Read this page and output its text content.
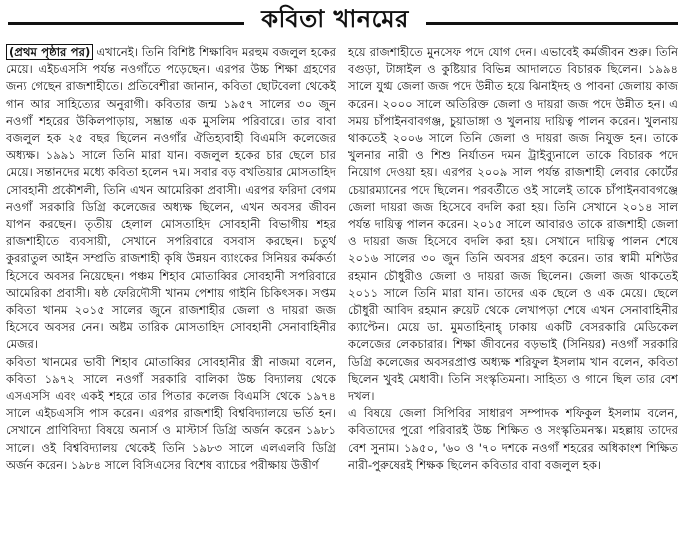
কবিতা খানমের

(প্রথম পৃষ্ঠার পর) এখানেই। তিনি বিশিষ্ট শিক্ষাবিদ মরহুম বজলুল হকের মেয়ে। এইচএসসি পর্যন্ত নওগাঁতে পড়েছেন। এরপর উচ্চ শিক্ষা গ্রহণের জন্য গেছেন রাজশাহীতে। প্রতিবেশীরা জানান, কবিতা ছোটবেলা থেকেই গান আর সাহিত্যের অনুরাগী। কবিতার জন্ম ১৯৫৭ সালের ৩০ জুন নওগাঁ শহরের উকিলপাড়ায়, সম্ভ্রান্ত এক মুসলিম পরিবারে। তার বাবা বজলুল হক ২৫ বছর ছিলেন নওগাঁর ঐতিহ্যবাহী বিএমসি কলেজের অধ্যক্ষ। ১৯৯১ সালে তিনি মারা যান। বজলুল হকের চার ছেলে চার মেয়ে। সন্তানদের মধ্যে কবিতা হলেন ৭ম। সবার বড় বখতিয়ার মোসতাহিদ সোবহানী প্রকৌশলী, তিনি এখন আমেরিকা প্রবাসী। এরপর ফরিদা বেগম নওগাঁ সরকারি ডিগ্রি কলেজের অধ্যক্ষ ছিলেন, এখন অবসর জীবন যাপন করছেন। তৃতীয় হেলাল মোসতাহিদ সোবহানী বিভাগীয় শহর রাজশাহীতে ব্যবসায়ী, সেখানে সপরিবারে বসবাস করছেন। চতুর্থ কুররাতুল আইন সম্প্রতি রাজশাহী কৃষি উন্নয়ন ব্যাংকের সিনিয়র কর্মকর্তা হিসেবে অবসর নিয়েছেন। পঞ্চম শিহাব মোতাব্বির সোবহানী সপরিবারে আমেরিকা প্রবাসী। ষষ্ঠ ফেরিদৌসী খানম পেশায় গাইনি চিকিৎসক। সপ্তম কবিতা খানম ২০১৫ সালের জুনে রাজশাহীর জেলা ও দায়রা জজ হিসেবে অবসর নেন। অষ্টম তারিক মোসতাহিদ সোবহানী সেনাবাহিনীর মেজর।

কবিতা খানমের ভাবী শিহাব মোতাব্বির সোবহানীর স্ত্রী নাজমা বলেন, কবিতা ১৯৭২ সালে নওগাঁ সরকারি বালিকা উচ্চ বিদ্যালয় থেকে এসএসসি এবং একই শহরে তার পিতার কলেজ বিএমসি থেকে ১৯৭৪ সালে এইচএসসি পাস করেন। এরপর রাজশাহী বিশ্ববিদ্যালয়ে ভর্তি হন। সেখানে প্রাণিবিদ্যা বিষয়ে অনার্স ও মাস্টার্স ডিগ্রি অর্জন করেন ১৯৮১ সালে। ওই বিশ্ববিদ্যালয় থেকেই তিনি ১৯৮৩ সালে এলএলবি ডিগ্রি অর্জন করেন। ১৯৮৪ সালে বিসিএসের বিশেষ ব্যাচের পরীক্ষায় উত্তীর্ণ

হয়ে রাজশাহীতে মুনসেফ পদে যোগ দেন। এভাবেই কর্মজীবন শুরু। তিনি বগুড়া, টাঙ্গাইল ও কুষ্টিয়ার বিভিন্ন আদালতে বিচারক ছিলেন। ১৯৯৪ সালে যুগ্ম জেলা জজ পদে উন্নীত হয়ে ঝিনাইদহ ও পাবনা জেলায় কাজ করেন। ২০০০ সালে অতিরিক্ত জেলা ও দায়রা জজ পদে উন্নীত হন। এ সময় চাঁপাইনবাবগঞ্জ, চুয়াডাঙ্গা ও খুলনায় দায়িত্ব পালন করেন। খুলনায় থাকতেই ২০০৬ সালে তিনি জেলা ও দায়রা জজ নিযুক্ত হন। তাকে খুলনার নারী ও শিশু নির্যাতন দমন ট্রাইব্যুনালে তাকে বিচারক পদে নিয়োগ দেওয়া হয়। এরপর ২০০৯ সাল পর্যন্ত রাজশাহী লেবার কোর্টের চেয়ারম্যানের পদে ছিলেন। পরবর্তীতে ওই সালেই তাকে চাঁপাইনবাবগঞ্জে জেলা দায়রা জজ হিসেবে বদলি করা হয়। তিনি সেখানে ২০১৪ সাল পর্যন্ত দায়িত্ব পালন করেন। ২০১৫ সালে আবারও তাকে রাজশাহী জেলা ও দায়রা জজ হিসেবে বদলি করা হয়। সেখানে দায়িত্ব পালন শেষে ২০১৬ সালের ৩০ জুন তিনি অবসর গ্রহণ করেন। তার স্বামী মশিউর রহমান চৌধুরীও জেলা ও দায়রা জজ ছিলেন। জেলা জজ থাকতেই ২০১১ সালে তিনি মারা যান। তাদের এক ছেলে ও এক মেয়ে। ছেলে চৌধুরী আবিদ রহমান রুয়েট থেকে লেখাপড়া শেষে এখন সেনাবাহিনীর ক্যাপ্টেন। মেয়ে ডা. মুমতাহিনাহ্ ঢাকায় একটি বেসরকারি মেডিকেল কলেজের লেকচারার। শিক্ষা জীবনের বড়ভাই (সিনিয়র) নওগাঁ সরকারি ডিগ্রি কলেজের অবসরপ্রাপ্ত অধ্যক্ষ শরিফুল ইসলাম খান বলেন, কবিতা ছিলেন খুবই মেধাবী। তিনি সংস্কৃতিমনা। সাহিত্য ও গানে ছিল তার বেশ দখল।

এ বিষয়ে জেলা সিপিবির সাধারণ সম্পাদক শফিকুল ইসলাম বলেন, কবিতাদের পুরো পরিবারই উচ্চ শিক্ষিত ও সংস্কৃতিমনস্ক। মহল্লায় তাদের বেশ সুনাম। ১৯৫০, '৬০ ও '৭০ দশকে নওগাঁ শহরের অধিকাংশ শিক্ষিত নারী-পুরুষেরই শিক্ষক ছিলেন কবিতার বাবা বজলুল হক।
